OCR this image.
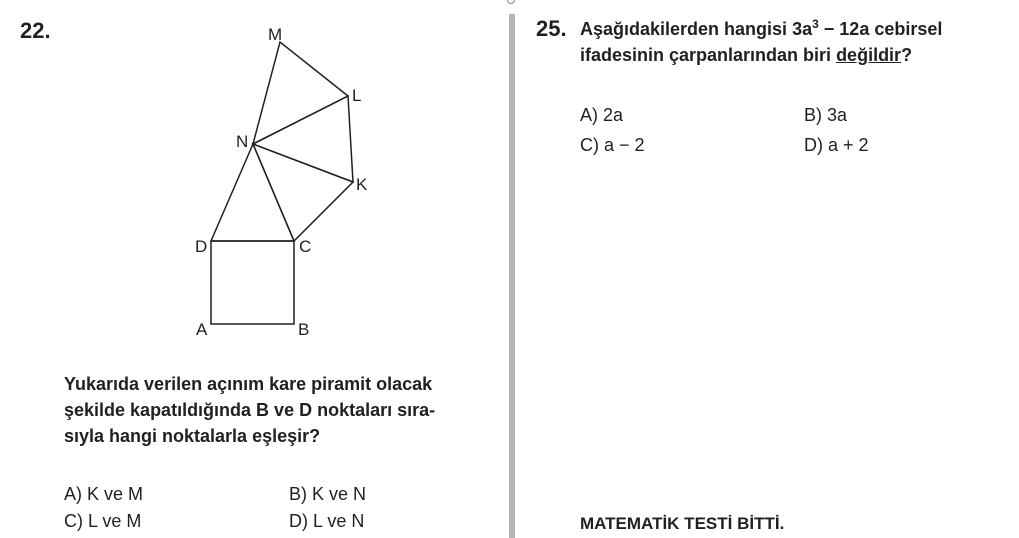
22.	M
L
N
K
D	C
A	B
Yukarıda verilen açınım kare piramit olacak
şekilde kapatıldığında B ve D noktaları sıra-
sıyla hangi noktalarla eşleşir?
A) K ve M	B) K ve N
C) L ve M	D) L ve N
25. Aşağıdakilerden hangisi $3a^3 - 12a$ cebirsel
ifadesinin çarpanlarından biri değildir?
A) 2a	B) 3a
C) a − 2	D) a + 2
MATEMATİK TESTİ BİTTİ.
